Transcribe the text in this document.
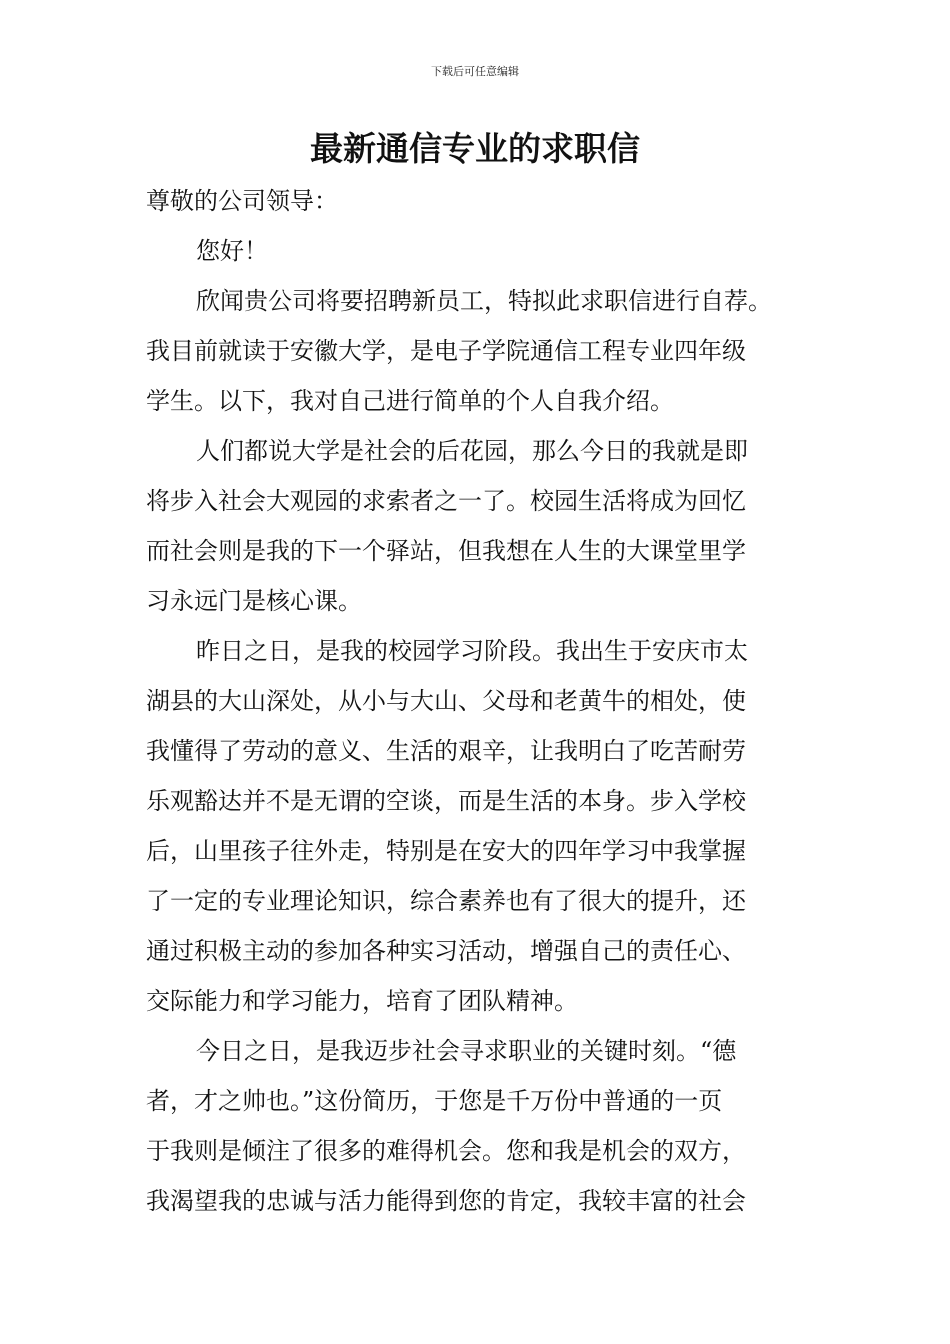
下载后可任意编辑
最新通信专业的求职信
尊敬的公司领导：
您好！
欣闻贵公司将要招聘新员工，特拟此求职信进行自荐。
我目前就读于安徽大学，是电子学院通信工程专业四年级
学生。以下，我对自己进行简单的个人自我介绍。
人们都说大学是社会的后花园，那么今日的我就是即
将步入社会大观园的求索者之一了。校园生活将成为回忆
而社会则是我的下一个驿站，但我想在人生的大课堂里学
习永远门是核心课。
昨日之日，是我的校园学习阶段。我出生于安庆市太
湖县的大山深处，从小与大山、父母和老黄牛的相处，使
我懂得了劳动的意义、生活的艰辛，让我明白了吃苦耐劳
乐观豁达并不是无谓的空谈，而是生活的本身。步入学校
后，山里孩子往外走，特别是在安大的四年学习中我掌握
了一定的专业理论知识，综合素养也有了很大的提升，还
通过积极主动的参加各种实习活动，增强自己的责任心、
交际能力和学习能力，培育了团队精神。
今日之日，是我迈步社会寻求职业的关键时刻。“德
者，才之帅也。”这份简历，于您是千万份中普通的一页
于我则是倾注了很多的难得机会。您和我是机会的双方，
我渴望我的忠诚与活力能得到您的肯定，我较丰富的社会
